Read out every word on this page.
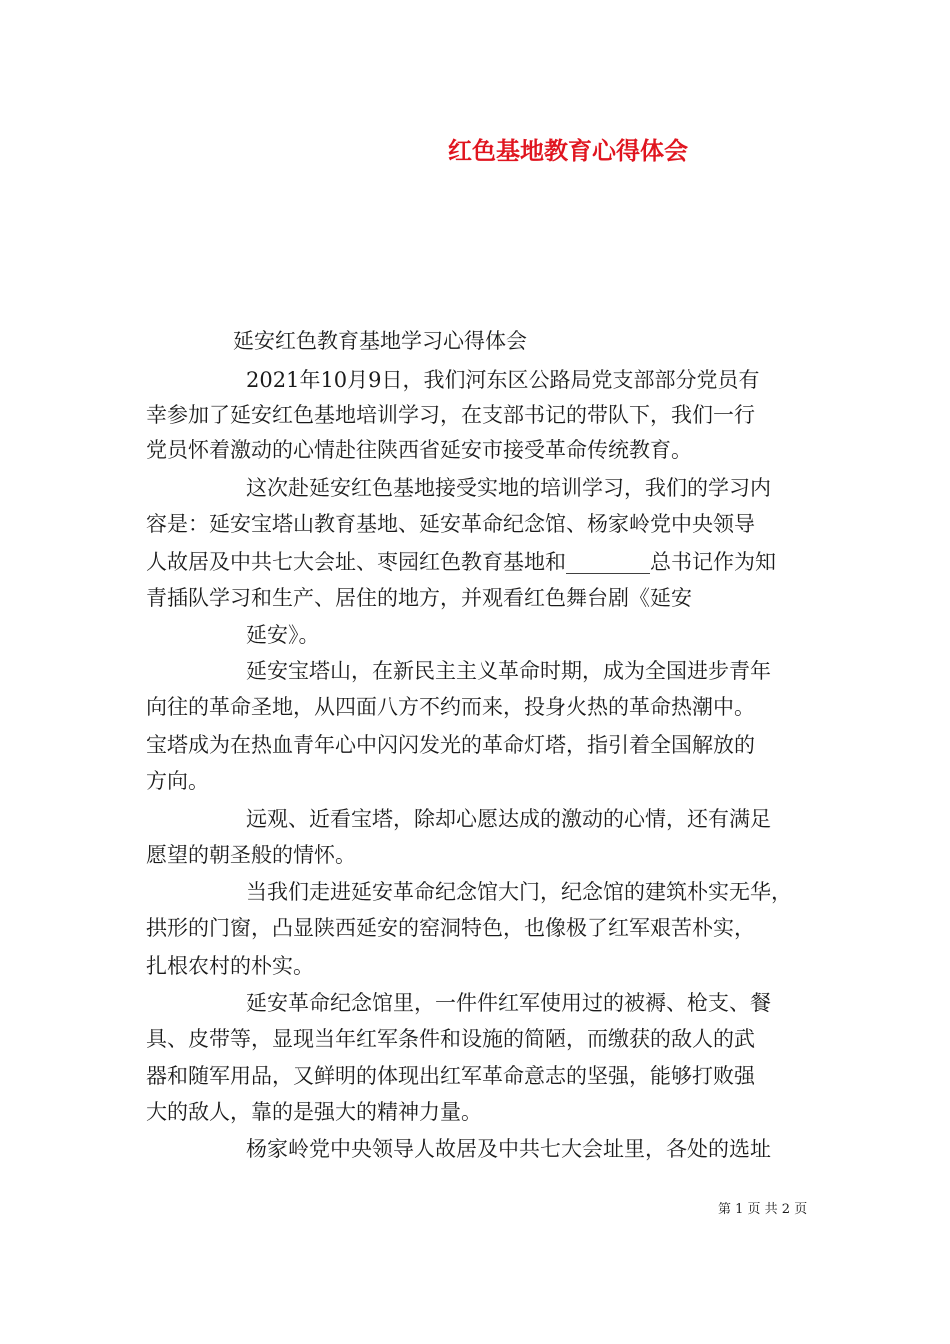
红色基地教育心得体会
延安红色教育基地学习心得体会
2021年10月9日，我们河东区公路局党支部部分党员有
幸参加了延安红色基地培训学习，在支部书记的带队下，我们一行
党员怀着激动的心情赴往陕西省延安市接受革命传统教育。
这次赴延安红色基地接受实地的培训学习，我们的学习内
容是：延安宝塔山教育基地、延安革命纪念馆、杨家岭党中央领导
人故居及中共七大会址、枣园红色教育基地和________总书记作为知
青插队学习和生产、居住的地方，并观看红色舞台剧《延安
延安》。
延安宝塔山，在新民主主义革命时期，成为全国进步青年
向往的革命圣地，从四面八方不约而来，投身火热的革命热潮中。
宝塔成为在热血青年心中闪闪发光的革命灯塔，指引着全国解放的
方向。
远观、近看宝塔，除却心愿达成的激动的心情，还有满足
愿望的朝圣般的情怀。
当我们走进延安革命纪念馆大门，纪念馆的建筑朴实无华，
拱形的门窗，凸显陕西延安的窑洞特色，也像极了红军艰苦朴实，
扎根农村的朴实。
延安革命纪念馆里，一件件红军使用过的被褥、枪支、餐
具、皮带等，显现当年红军条件和设施的简陋，而缴获的敌人的武
器和随军用品，又鲜明的体现出红军革命意志的坚强，能够打败强
大的敌人，靠的是强大的精神力量。
杨家岭党中央领导人故居及中共七大会址里，各处的选址
第 1 页 共 2 页
